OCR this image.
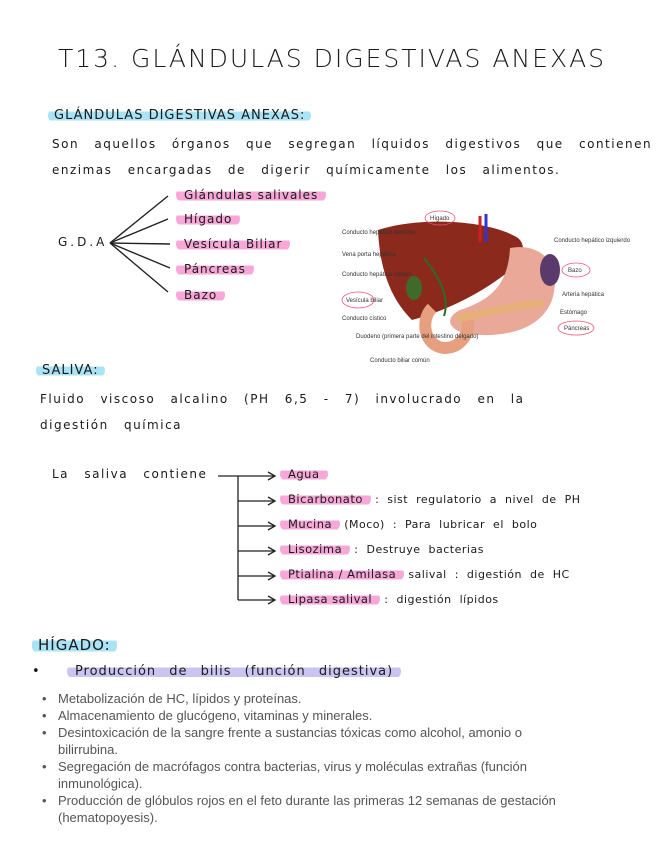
T13. GLÁNDULAS DIGESTIVAS ANEXAS
GLÁNDULAS DIGESTIVAS ANEXAS:
Son aquellos órganos que segregan líquidos digestivos que contienen
enzimas encargadas de digerir químicamente los alimentos.
G.D.A
Glándulas salivales
Hígado
Vesícula Biliar
Páncreas
Bazo
Conducto hepático derecho
Vena porta hepática
Conducto hepático común
Vesícula biliar
Conducto cístico
Duodeno (primera parte del intestino delgado)
Conducto biliar común
Hígado
Conducto hepático izquierdo
Bazo
Arteria hepática
Estómago
Páncreas
SALIVA:
Fluido viscoso alcalino (PH 6,5 - 7) involucrado en la
digestión química
La saliva contiene	Agua
Bicarbonato : sist regulatorio a nivel de PH
Mucina (Moco) : Para lubricar el bolo
Lisozima : Destruye bacterias
Ptialina / Amilasa salival : digestión de HC
Lipasa salival : digestión lípidos
HÍGADO:
•  Producción de bilis (función digestiva)
• Metabolización de HC, lípidos y proteínas.
• Almacenamiento de glucógeno, vitaminas y minerales.
• Desintoxicación de la sangre frente a sustancias tóxicas como alcohol, amonio o bilirrubina.
• Segregación de macrófagos contra bacterias, virus y moléculas extrañas (función inmunológica).
• Producción de glóbulos rojos en el feto durante las primeras 12 semanas de gestación (hematopoyesis).
